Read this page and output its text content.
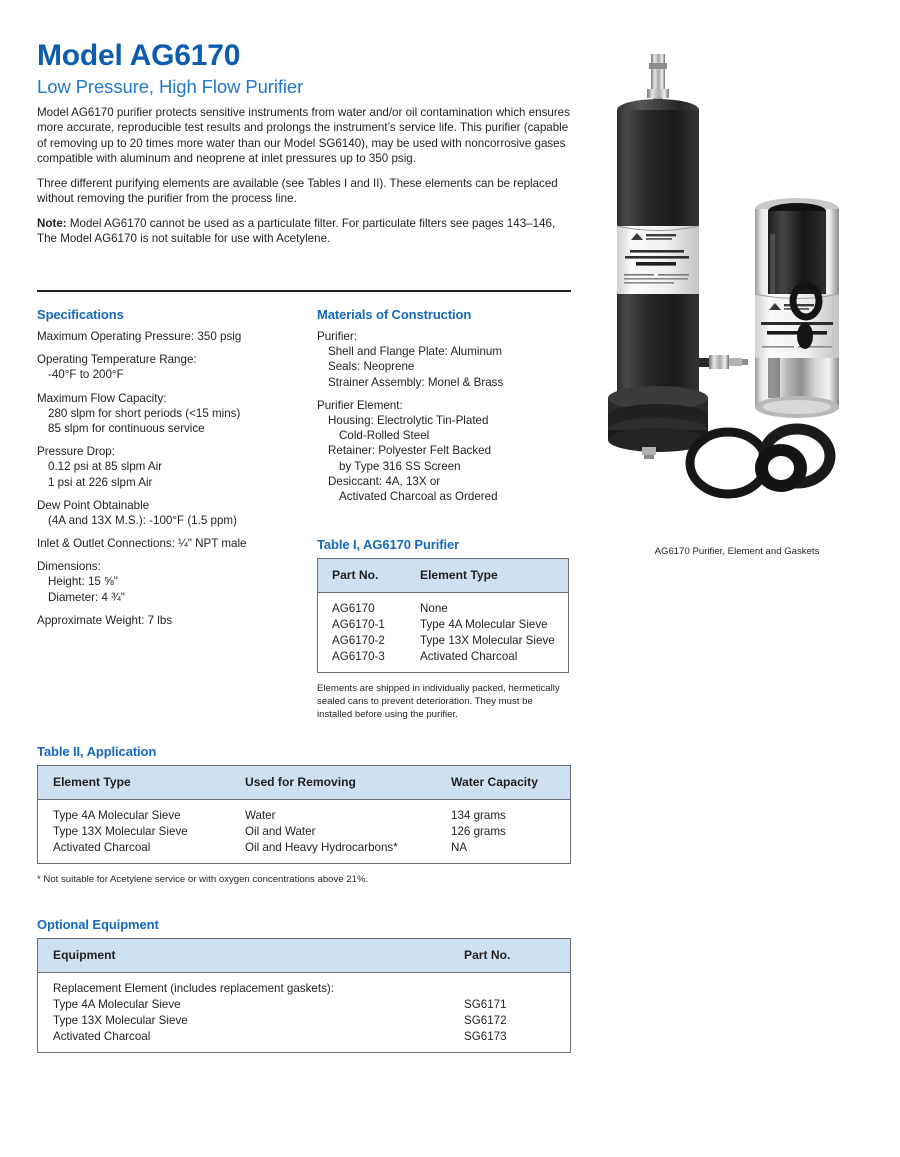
Model AG6170
Low Pressure, High Flow Purifier

Model AG6170 purifier protects sensitive instruments from water and/or oil contamination which ensures more accurate, reproducible test results and prolongs the instrument’s service life. This purifier (capable of removing up to 20 times more water than our Model SG6140), may be used with noncorrosive gases compatible with aluminum and neoprene at inlet pressures up to 350 psig.

Three different purifying elements are available (see Tables I and II). These elements can be replaced without removing the purifier from the process line.

Note: Model AG6170 cannot be used as a particulate filter. For particulate filters see pages 143–146, The Model AG6170 is not suitable for use with Acetylene.

Specifications
Maximum Operating Pressure: 350 psig
Operating Temperature Range:
-40°F to 200°F
Maximum Flow Capacity:
280 slpm for short periods (<15 mins)
85 slpm for continuous service
Pressure Drop:
0.12 psi at 85 slpm Air
1 psi at 226 slpm Air
Dew Point Obtainable
(4A and 13X M.S.): -100°F (1.5 ppm)
Inlet & Outlet Connections: ¼" NPT male
Dimensions:
Height: 15 ⅝"
Diameter: 4 ¾"
Approximate Weight: 7 lbs
Materials of Construction
Purifier:
Shell and Flange Plate: Aluminum
Seals: Neoprene
Strainer Assembly: Monel & Brass
Purifier Element:
Housing: Electrolytic Tin-Plated
Cold-Rolled Steel
Retainer: Polyester Felt Backed
by Type 316 SS Screen
Desiccant: 4A, 13X or
Activated Charcoal as Ordered
Table I, AG6170 Purifier
Part No.	Element Type
AG6170	None
AG6170-1	Type 4A Molecular Sieve
AG6170-2	Type 13X Molecular Sieve
AG6170-3	Activated Charcoal
Elements are shipped in individually packed, hermetically sealed cans to prevent deterioration. They must be installed before using the purifier.
Table II, Application
Element Type	Used for Removing	Water Capacity
Type 4A Molecular Sieve	Water	134 grams
Type 13X Molecular Sieve	Oil and Water	126 grams
Activated Charcoal	Oil and Heavy Hydrocarbons*	NA
* Not suitable for Acetylene service or with oxygen concentrations above 21%.
Optional Equipment
Equipment	Part No.
Replacement Element (includes replacement gaskets):	
Type 4A Molecular Sieve	SG6171
Type 13X Molecular Sieve	SG6172
Activated Charcoal	SG6173
AG6170 Purifier, Element and Gaskets
